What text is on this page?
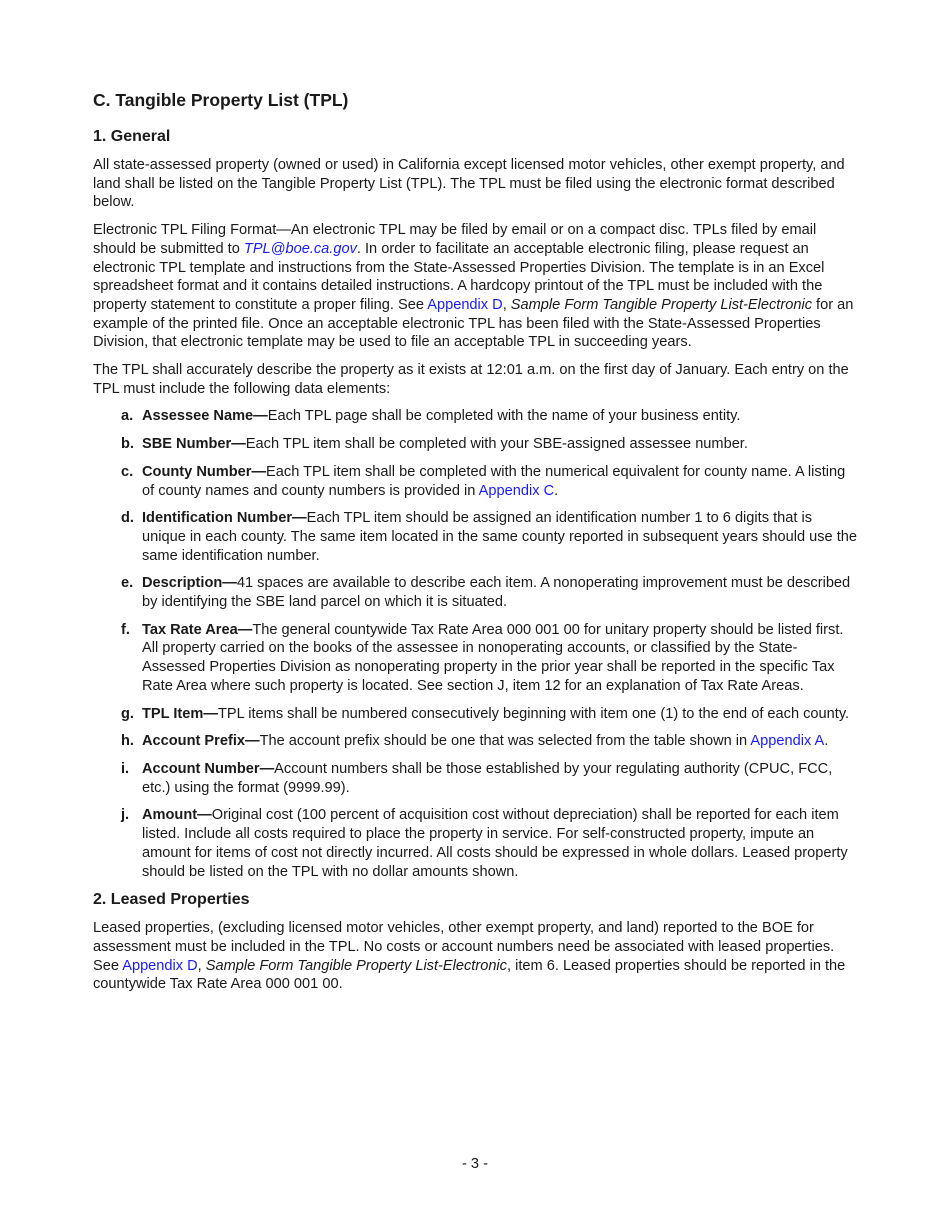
C. Tangible Property List (TPL)
1. General

All state-assessed property (owned or used) in California except licensed motor vehicles, other exempt property, and land shall be listed on the Tangible Property List (TPL). The TPL must be filed using the electronic format described below.

Electronic TPL Filing Format—An electronic TPL may be filed by email or on a compact disc. TPLs filed by email should be submitted to TPL@boe.ca.gov. In order to facilitate an acceptable electronic filing, please request an electronic TPL template and instructions from the State-Assessed Properties Division. The template is in an Excel spreadsheet format and it contains detailed instructions. A hardcopy printout of the TPL must be included with the property statement to constitute a proper filing. See Appendix D, Sample Form Tangible Property List-Electronic for an example of the printed file. Once an acceptable electronic TPL has been filed with the State-Assessed Properties Division, that electronic template may be used to file an acceptable TPL in succeeding years.

The TPL shall accurately describe the property as it exists at 12:01 a.m. on the first day of January. Each entry on the TPL must include the following data elements:

a. Assessee Name—Each TPL page shall be completed with the name of your business entity.
b. SBE Number—Each TPL item shall be completed with your SBE-assigned assessee number.
c. County Number—Each TPL item shall be completed with the numerical equivalent for county name. A listing of county names and county numbers is provided in Appendix C.
d. Identification Number—Each TPL item should be assigned an identification number 1 to 6 digits that is unique in each county. The same item located in the same county reported in subsequent years should use the same identification number.
e. Description—41 spaces are available to describe each item. A nonoperating improvement must be described by identifying the SBE land parcel on which it is situated.
f. Tax Rate Area—The general countywide Tax Rate Area 000 001 00 for unitary property should be listed first. All property carried on the books of the assessee in nonoperating accounts, or classified by the State-Assessed Properties Division as nonoperating property in the prior year shall be reported in the specific Tax Rate Area where such property is located. See section J, item 12 for an explanation of Tax Rate Areas.
g. TPL Item—TPL items shall be numbered consecutively beginning with item one (1) to the end of each county.
h. Account Prefix—The account prefix should be one that was selected from the table shown in Appendix A.
i. Account Number—Account numbers shall be those established by your regulating authority (CPUC, FCC, etc.) using the format (9999.99).
j. Amount—Original cost (100 percent of acquisition cost without depreciation) shall be reported for each item listed. Include all costs required to place the property in service. For self-constructed property, impute an amount for items of cost not directly incurred. All costs should be expressed in whole dollars. Leased property should be listed on the TPL with no dollar amounts shown.
2. Leased Properties

Leased properties, (excluding licensed motor vehicles, other exempt property, and land) reported to the BOE for assessment must be included in the TPL. No costs or account numbers need be associated with leased properties. See Appendix D, Sample Form Tangible Property List-Electronic, item 6. Leased properties should be reported in the countywide Tax Rate Area 000 001 00.

- 3 -
